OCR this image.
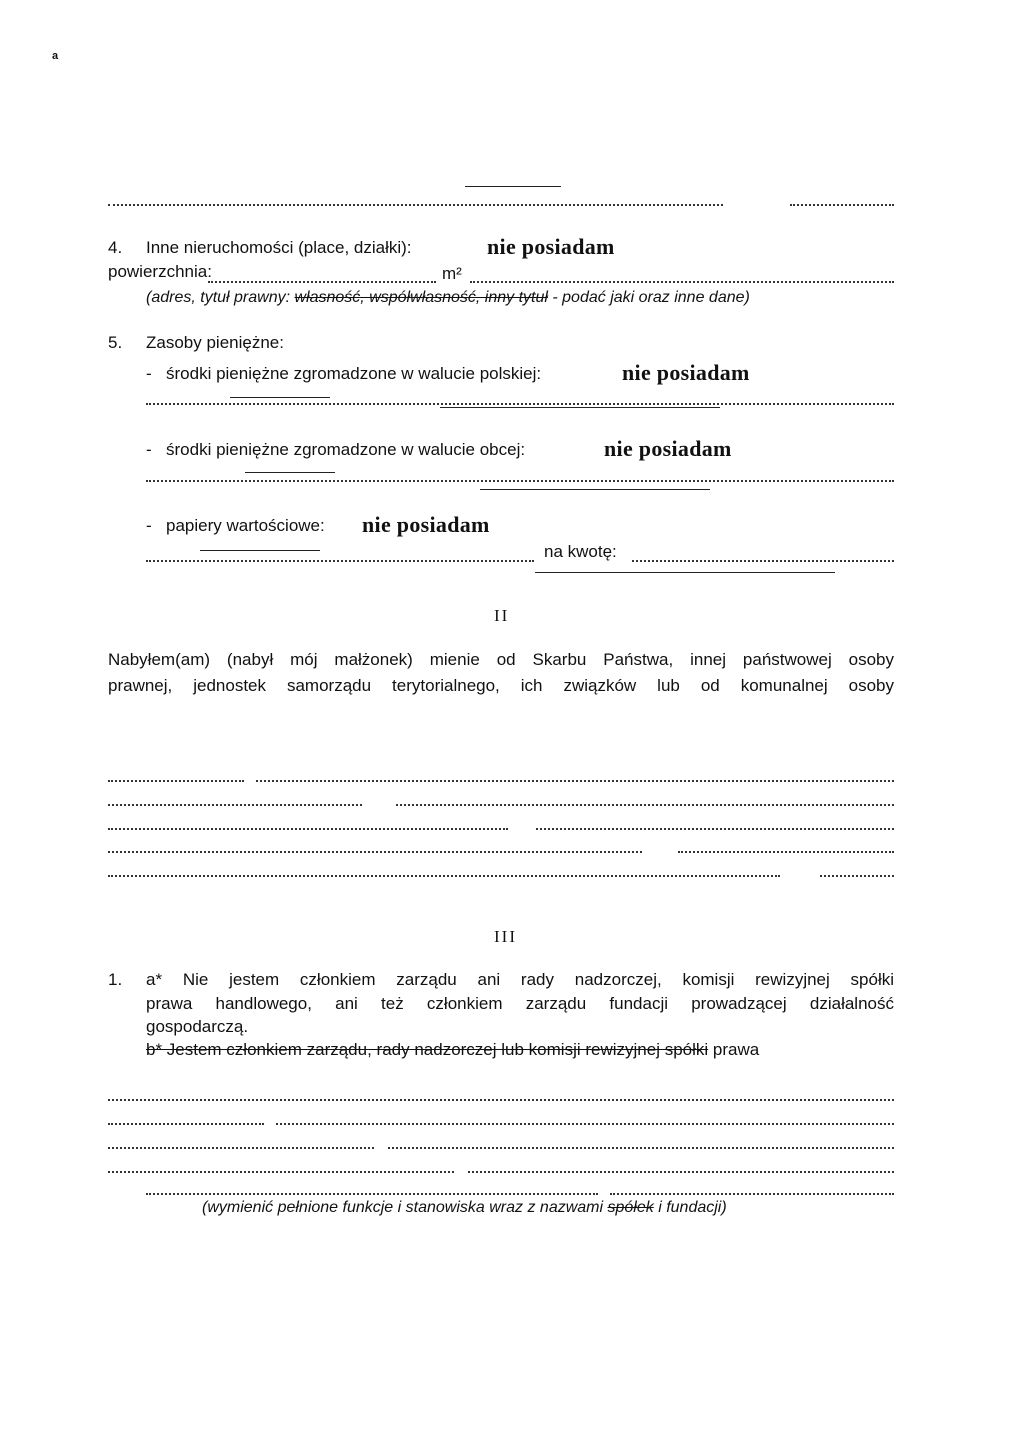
a
4. Inne nieruchomości (place, działki):	nie posiadam
powierzchnia:	m²
(adres, tytuł prawny: własność, współwłasność, inny tytuł - podać jaki oraz inne dane)
5. Zasoby pieniężne:
- środki pieniężne zgromadzone w walucie polskiej:	nie posiadam
- środki pieniężne zgromadzone w walucie obcej:	nie posiadam
- papiery wartościowe: nie posiadam
na kwotę:
II
Nabyłem(am) (nabył mój małżonek) mienie od Skarbu Państwa, innej państwowej osoby
prawnej, jednostek samorządu terytorialnego, ich związków lub od komunalnej osoby
III
1. a* Nie jestem członkiem zarządu ani rady nadzorczej, komisji rewizyjnej spółki
prawa handlowego, ani też członkiem zarządu fundacji prowadzącej działalność
gospodarczą.
b* Jestem członkiem zarządu, rady nadzorczej lub komisji rewizyjnej spółki prawa
(wymienić pełnione funkcje i stanowiska wraz z nazwami spółek i fundacji)
